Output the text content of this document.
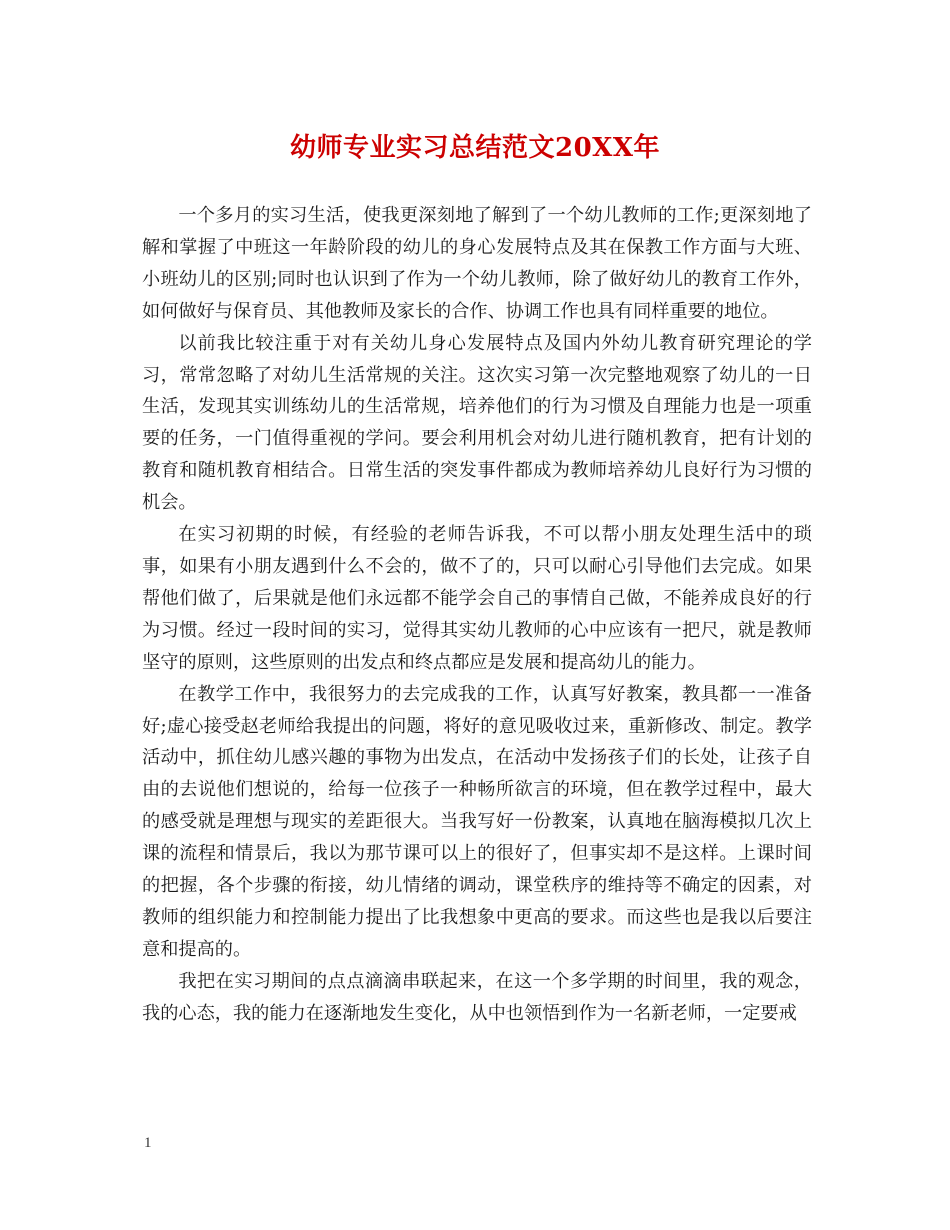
幼师专业实习总结范文20XX年

一个多月的实习生活，使我更深刻地了解到了一个幼儿教师的工作;更深刻地了解和掌握了中班这一年龄阶段的幼儿的身心发展特点及其在保教工作方面与大班、小班幼儿的区别;同时也认识到了作为一个幼儿教师，除了做好幼儿的教育工作外，如何做好与保育员、其他教师及家长的合作、协调工作也具有同样重要的地位。

以前我比较注重于对有关幼儿身心发展特点及国内外幼儿教育研究理论的学习，常常忽略了对幼儿生活常规的关注。这次实习第一次完整地观察了幼儿的一日生活，发现其实训练幼儿的生活常规，培养他们的行为习惯及自理能力也是一项重要的任务，一门值得重视的学问。要会利用机会对幼儿进行随机教育，把有计划的教育和随机教育相结合。日常生活的突发事件都成为教师培养幼儿良好行为习惯的机会。

在实习初期的时候，有经验的老师告诉我，不可以帮小朋友处理生活中的琐事，如果有小朋友遇到什么不会的，做不了的，只可以耐心引导他们去完成。如果帮他们做了，后果就是他们永远都不能学会自己的事情自己做，不能养成良好的行为习惯。经过一段时间的实习，觉得其实幼儿教师的心中应该有一把尺，就是教师坚守的原则，这些原则的出发点和终点都应是发展和提高幼儿的能力。

在教学工作中，我很努力的去完成我的工作，认真写好教案，教具都一一准备好;虚心接受赵老师给我提出的问题，将好的意见吸收过来，重新修改、制定。教学活动中，抓住幼儿感兴趣的事物为出发点，在活动中发扬孩子们的长处，让孩子自由的去说他们想说的，给每一位孩子一种畅所欲言的环境，但在教学过程中，最大的感受就是理想与现实的差距很大。当我写好一份教案，认真地在脑海模拟几次上课的流程和情景后，我以为那节课可以上的很好了，但事实却不是这样。上课时间的把握，各个步骤的衔接，幼儿情绪的调动，课堂秩序的维持等不确定的因素，对教师的组织能力和控制能力提出了比我想象中更高的要求。而这些也是我以后要注意和提高的。

我把在实习期间的点点滴滴串联起来，在这一个多学期的时间里，我的观念，我的心态，我的能力在逐渐地发生变化，从中也领悟到作为一名新老师，一定要戒

1
